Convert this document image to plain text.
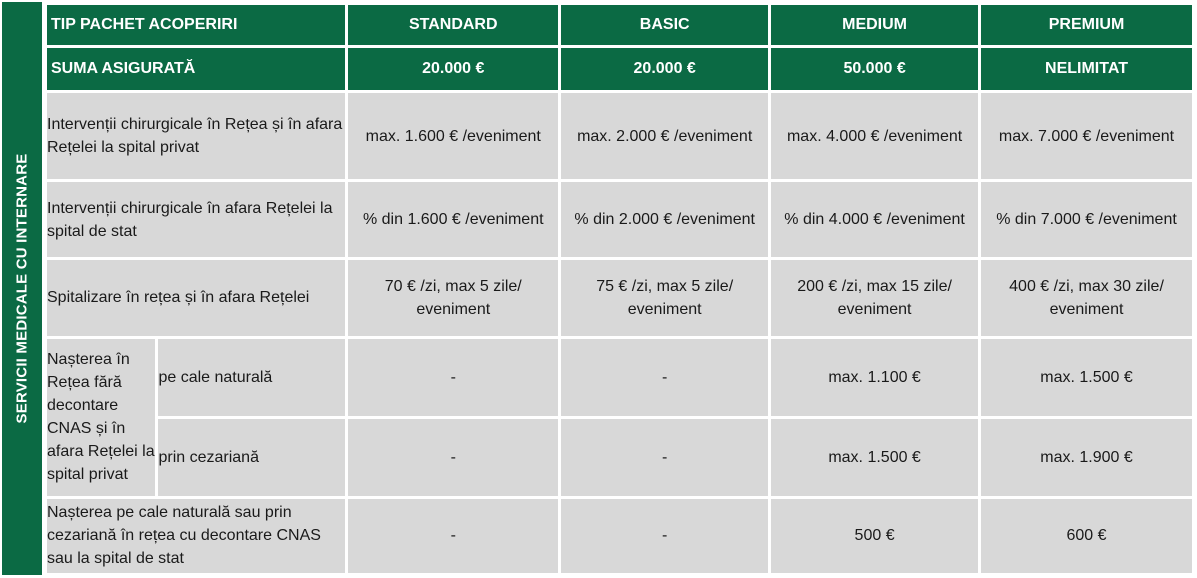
SERVICII MEDICALE CU INTERNARE
TIP PACHET ACOPERIRI		STANDARD	BASIC	MEDIUM	PREMIUM
SUMA ASIGURATĂ		20.000 €	20.000 €	50.000 €	NELIMITAT
Intervenții chirurgicale în Rețea și în afara Rețelei la spital privat		max. 1.600 € /eveniment	max. 2.000 € /eveniment	max. 4.000 € /eveniment	max. 7.000 € /eveniment
Intervenții chirurgicale în afara Rețelei la spital de stat		% din 1.600 € /eveniment	% din 2.000 € /eveniment	% din 4.000 € /eveniment	% din 7.000 € /eveniment
Spitalizare în rețea și în afara Rețelei		70 € /zi, max 5 zile/ eveniment	75 € /zi, max 5 zile/ eveniment	200 € /zi, max 15 zile/ eveniment	400 € /zi, max 30 zile/ eveniment
Nașterea în Rețea fără decontare CNAS și în afara Rețelei la spital privat	pe cale naturală	-	-	max. 1.100 €	max. 1.500 €
	prin cezariană	-	-	max. 1.500 €	max. 1.900 €
Nașterea pe cale naturală sau prin cezariană în rețea cu decontare CNAS sau la spital de stat		-	-	500 €	600 €
